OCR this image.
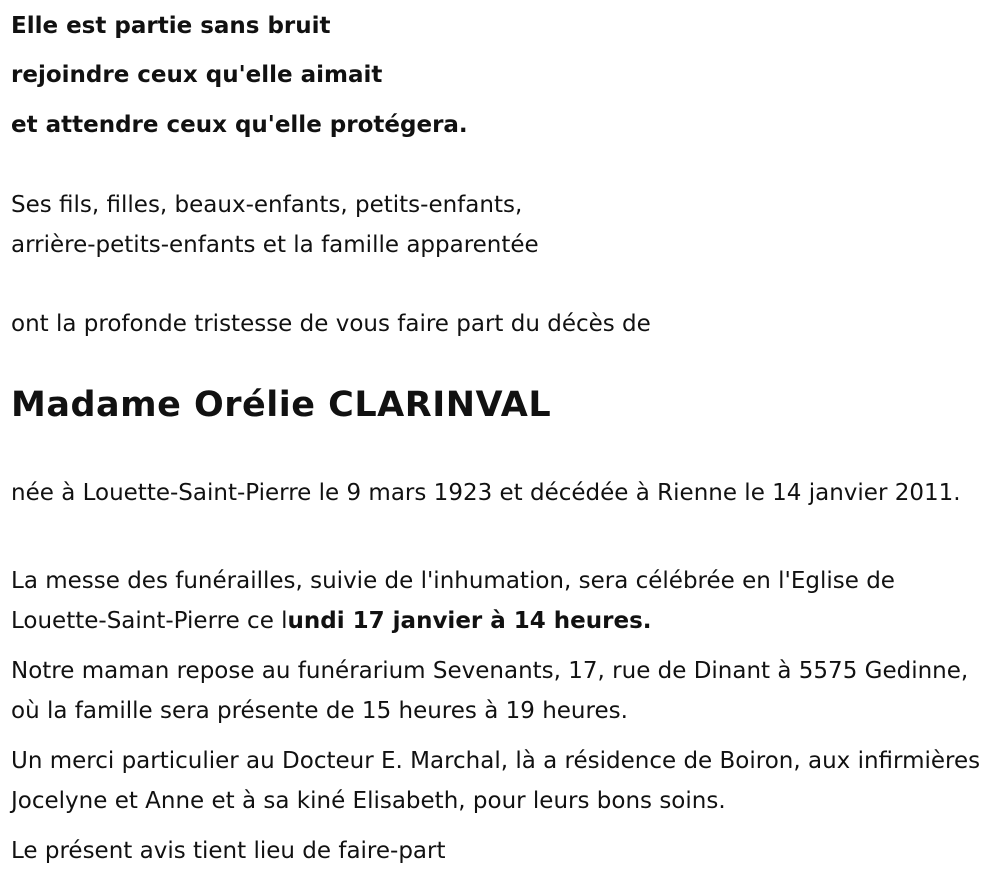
Elle est partie sans bruit

rejoindre ceux qu'elle aimait

et attendre ceux qu'elle protégera.

Ses fils, filles, beaux-enfants, petits-enfants,
arrière-petits-enfants et la famille apparentée

ont la profonde tristesse de vous faire part du décès de

Madame Orélie CLARINVAL

née à Louette-Saint-Pierre le 9 mars 1923 et décédée à Rienne le 14 janvier 2011.

La messe des funérailles, suivie de l'inhumation, sera célébrée en l'Eglise de Louette-Saint-Pierre ce lundi 17 janvier à 14 heures.

Notre maman repose au funérarium Sevenants, 17, rue de Dinant à 5575 Gedinne, où la famille sera présente de 15 heures à 19 heures.

Un merci particulier au Docteur E. Marchal, là a résidence de Boiron, aux infirmières Jocelyne et Anne et à sa kiné Elisabeth, pour leurs bons soins.

Le présent avis tient lieu de faire-part
